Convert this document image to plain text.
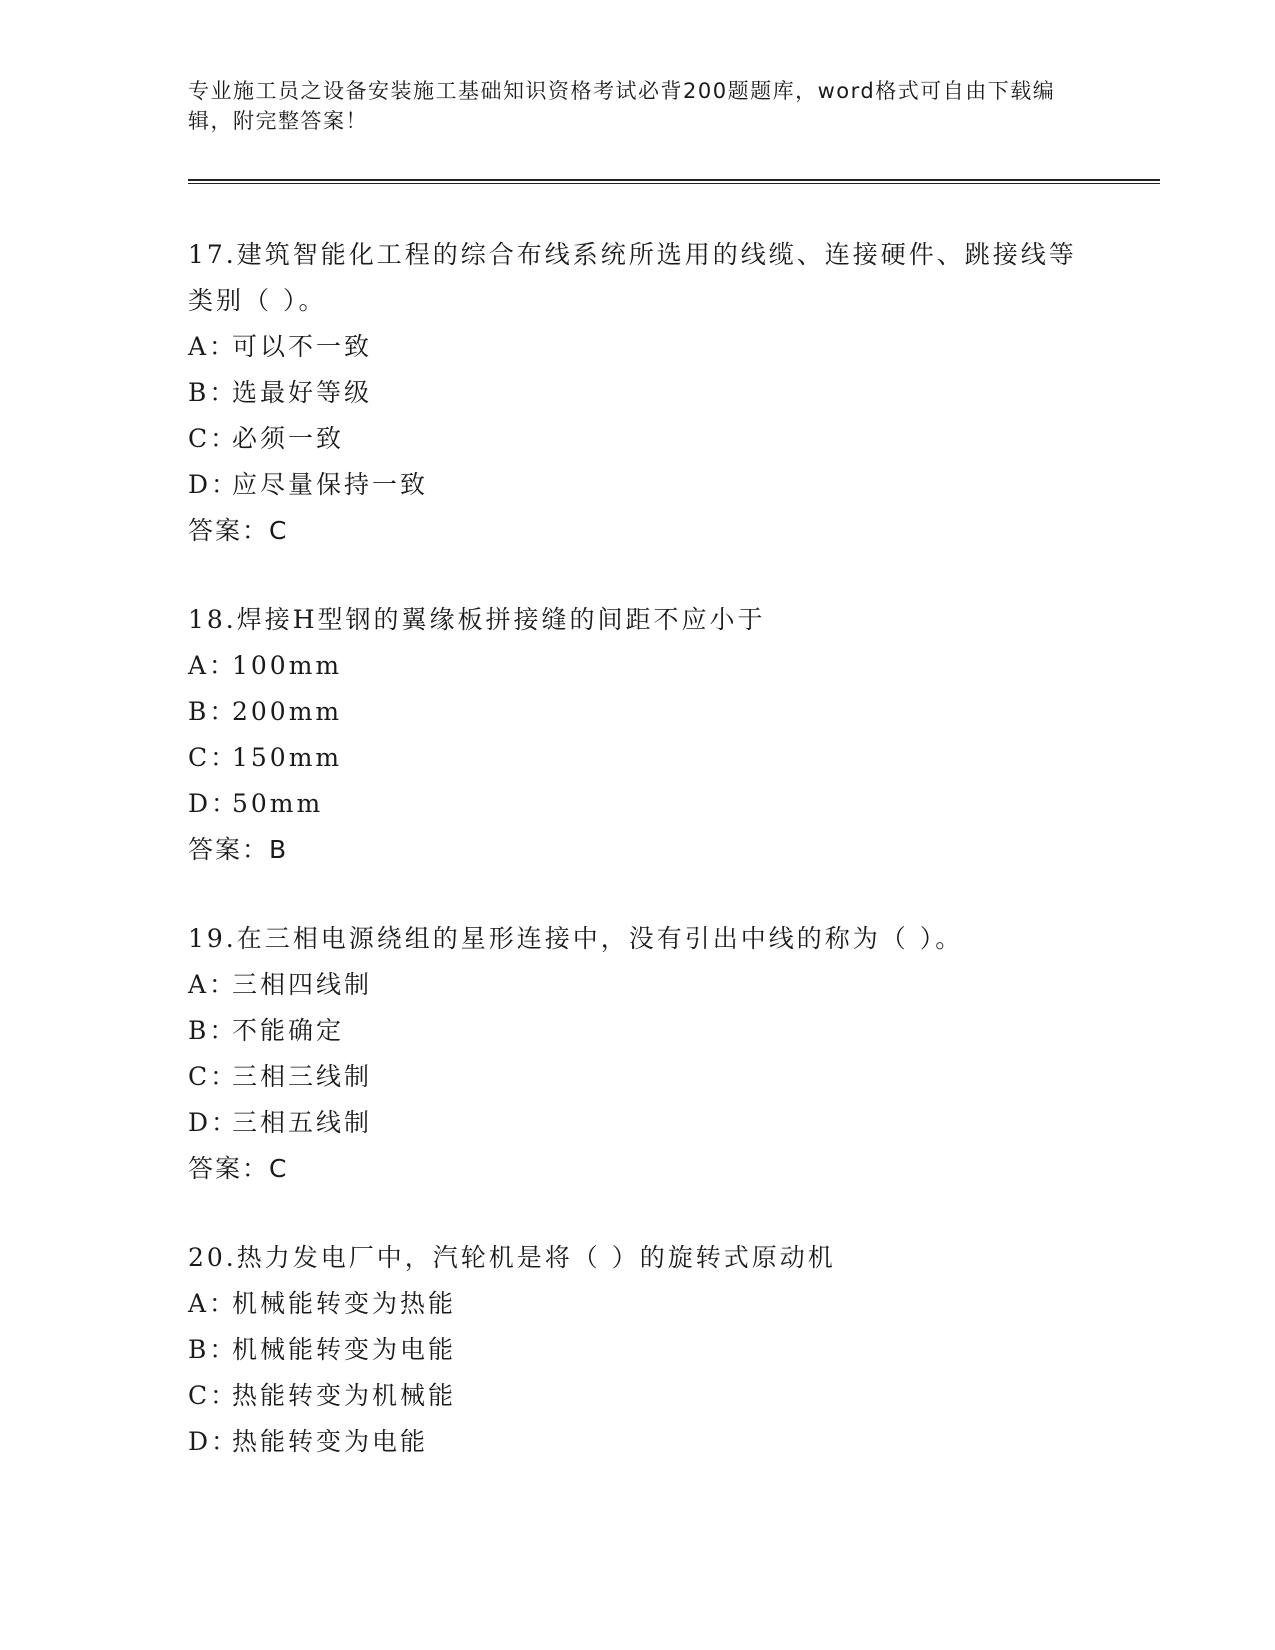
专业施工员之设备安装施工基础知识资格考试必背200题题库，word格式可自由下载编辑，附完整答案！
17.建筑智能化工程的综合布线系统所选用的线缆、连接硬件、跳接线等类别（ ）。
A：可以不一致
B：选最好等级
C：必须一致
D：应尽量保持一致
答案：C
18.焊接H型钢的翼缘板拼接缝的间距不应小于
A：100mm
B：200mm
C：150mm
D：50mm
答案：B
19.在三相电源绕组的星形连接中，没有引出中线的称为（ ）。
A：三相四线制
B：不能确定
C：三相三线制
D：三相五线制
答案：C
20.热力发电厂中，汽轮机是将（ ）的旋转式原动机
A：机械能转变为热能
B：机械能转变为电能
C：热能转变为机械能
D：热能转变为电能
